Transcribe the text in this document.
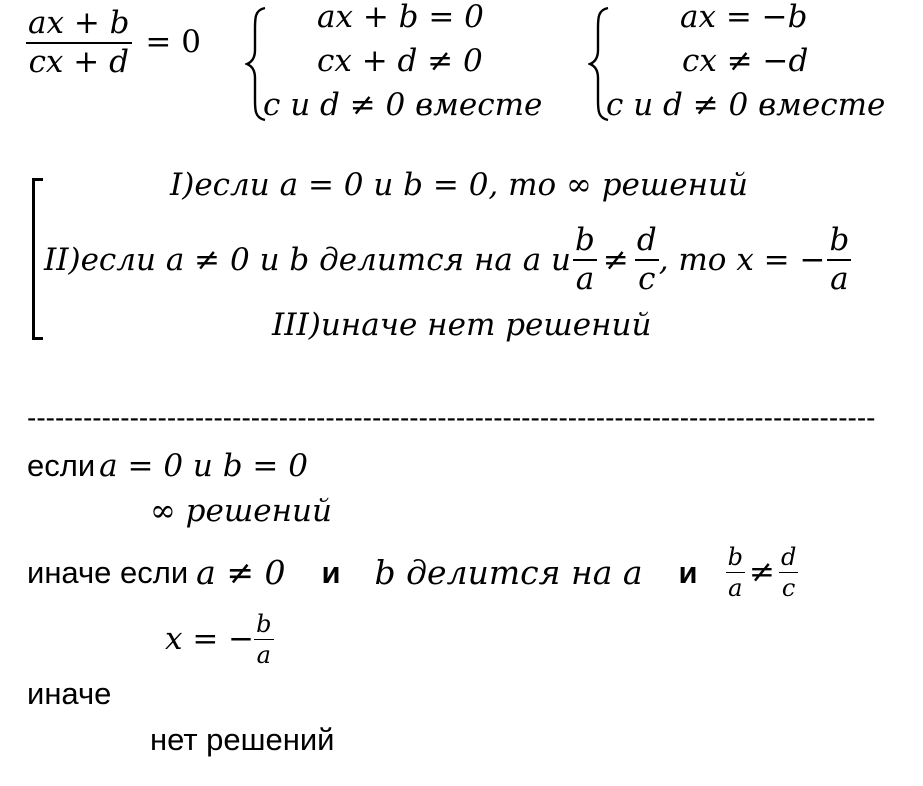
$\frac{ax + b}{cx + d} = 0$
ax + b = 0
cx + d ≠ 0
c и d ≠ 0 вместе
ax = −b
cx ≠ −d
c и d ≠ 0 вместе
I)если a = 0 и b = 0, то ∞ решений
II)если a ≠ 0 и b делится на a и $\frac{b}{a} \ne \frac{d}{c}$ , то x = − $\frac{b}{a}$
III)иначе нет решений
-------------------------------------------------------------------------------------------
если a = 0 и b = 0
∞ решений
иначе если a ≠ 0 и b делится на a и $\frac{b}{a} \ne \frac{d}{c}$
x = − $\frac{b}{a}$
иначе
нет решений
